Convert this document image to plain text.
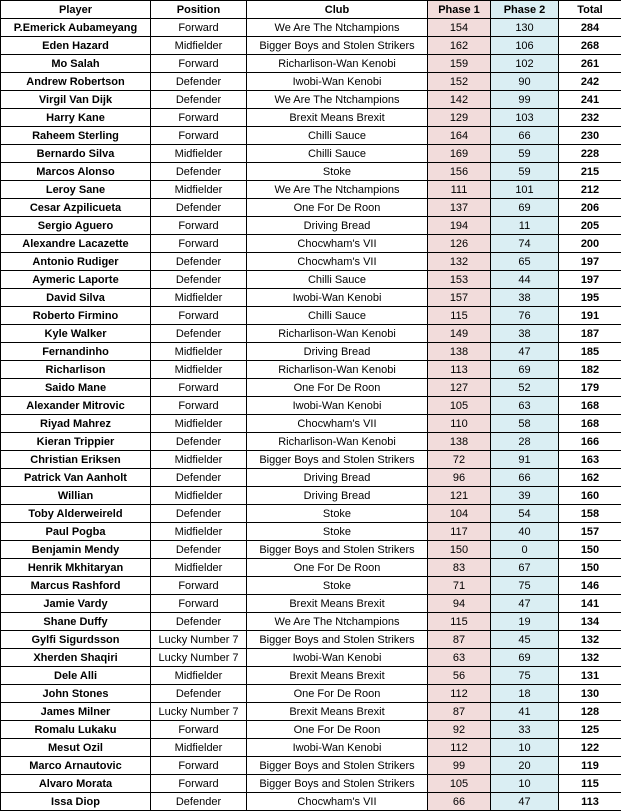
Player	Position	Club	Phase 1	Phase 2	Total
P.Emerick Aubameyang	Forward	We Are The Ntchampions	154	130	284
Eden Hazard	Midfielder	Bigger Boys and Stolen Strikers	162	106	268
Mo Salah	Forward	Richarlison-Wan Kenobi	159	102	261
Andrew Robertson	Defender	Iwobi-Wan Kenobi	152	90	242
Virgil Van Dijk	Defender	We Are The Ntchampions	142	99	241
Harry Kane	Forward	Brexit Means Brexit	129	103	232
Raheem Sterling	Forward	Chilli Sauce	164	66	230
Bernardo Silva	Midfielder	Chilli Sauce	169	59	228
Marcos Alonso	Defender	Stoke	156	59	215
Leroy Sane	Midfielder	We Are The Ntchampions	111	101	212
Cesar Azpilicueta	Defender	One For De Roon	137	69	206
Sergio Aguero	Forward	Driving Bread	194	11	205
Alexandre Lacazette	Forward	Chocwham's VII	126	74	200
Antonio Rudiger	Defender	Chocwham's VII	132	65	197
Aymeric Laporte	Defender	Chilli Sauce	153	44	197
David Silva	Midfielder	Iwobi-Wan Kenobi	157	38	195
Roberto Firmino	Forward	Chilli Sauce	115	76	191
Kyle Walker	Defender	Richarlison-Wan Kenobi	149	38	187
Fernandinho	Midfielder	Driving Bread	138	47	185
Richarlison	Midfielder	Richarlison-Wan Kenobi	113	69	182
Saido Mane	Forward	One For De Roon	127	52	179
Alexander Mitrovic	Forward	Iwobi-Wan Kenobi	105	63	168
Riyad Mahrez	Midfielder	Chocwham's VII	110	58	168
Kieran Trippier	Defender	Richarlison-Wan Kenobi	138	28	166
Christian Eriksen	Midfielder	Bigger Boys and Stolen Strikers	72	91	163
Patrick Van Aanholt	Defender	Driving Bread	96	66	162
Willian	Midfielder	Driving Bread	121	39	160
Toby Alderweireld	Defender	Stoke	104	54	158
Paul Pogba	Midfielder	Stoke	117	40	157
Benjamin Mendy	Defender	Bigger Boys and Stolen Strikers	150	0	150
Henrik Mkhitaryan	Midfielder	One For De Roon	83	67	150
Marcus Rashford	Forward	Stoke	71	75	146
Jamie Vardy	Forward	Brexit Means Brexit	94	47	141
Shane Duffy	Defender	We Are The Ntchampions	115	19	134
Gylfi Sigurdsson	Lucky Number 7	Bigger Boys and Stolen Strikers	87	45	132
Xherden Shaqiri	Lucky Number 7	Iwobi-Wan Kenobi	63	69	132
Dele Alli	Midfielder	Brexit Means Brexit	56	75	131
John Stones	Defender	One For De Roon	112	18	130
James Milner	Lucky Number 7	Brexit Means Brexit	87	41	128
Romalu Lukaku	Forward	One For De Roon	92	33	125
Mesut Ozil	Midfielder	Iwobi-Wan Kenobi	112	10	122
Marco Arnautovic	Forward	Bigger Boys and Stolen Strikers	99	20	119
Alvaro Morata	Forward	Bigger Boys and Stolen Strikers	105	10	115
Issa Diop	Defender	Chocwham's VII	66	47	113
